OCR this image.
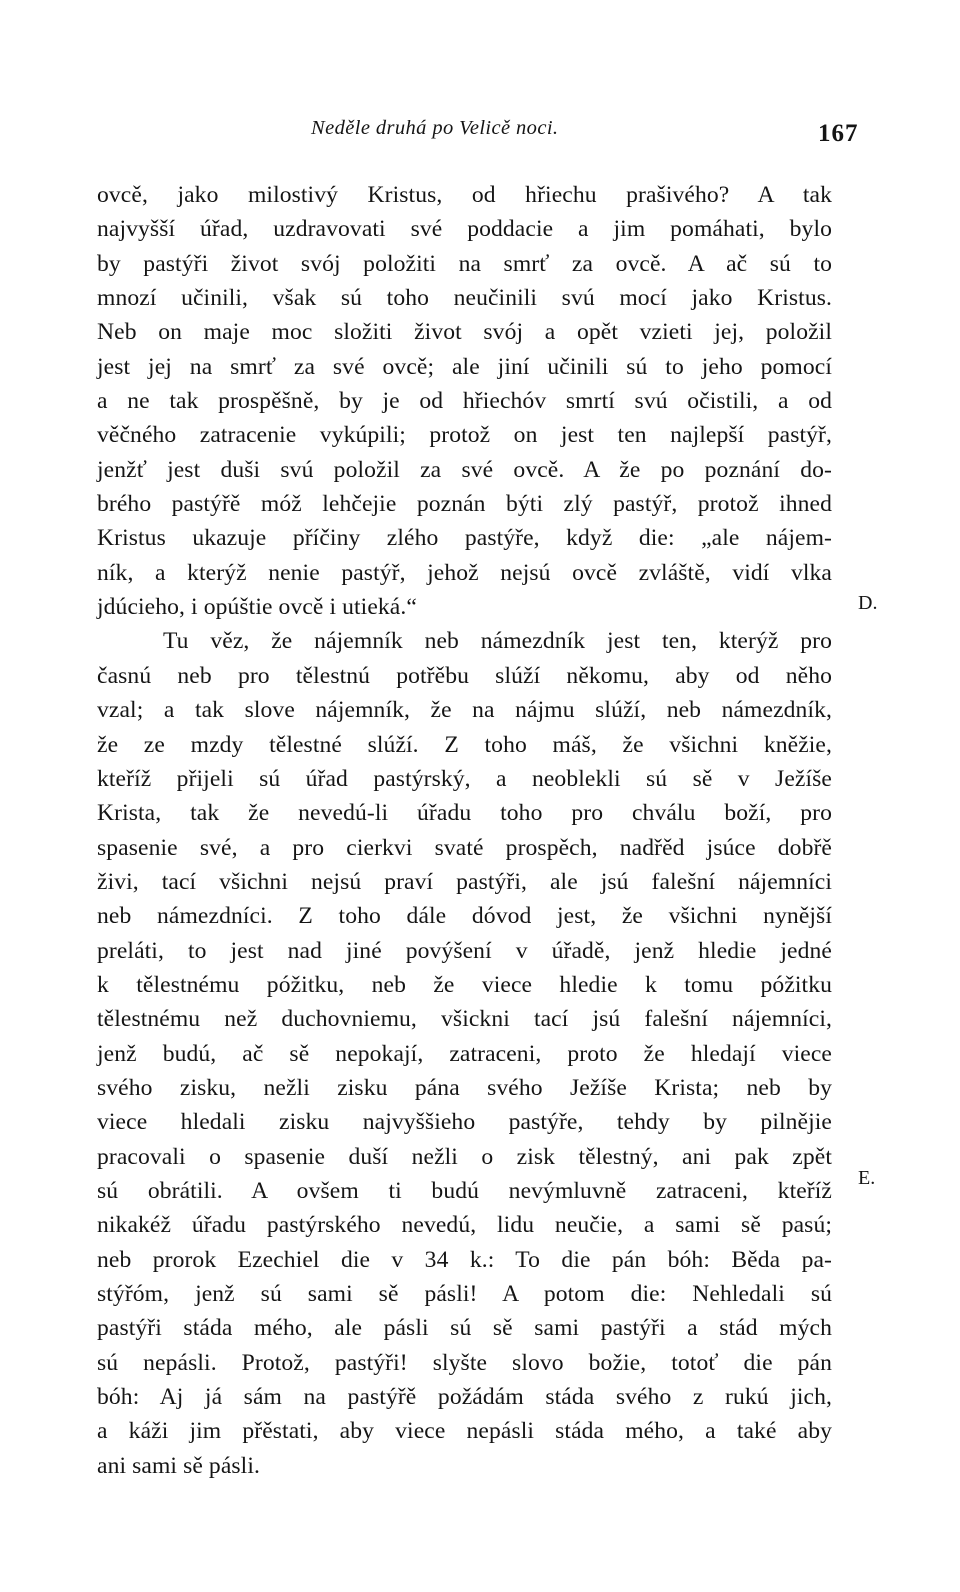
Neděle druhá po Velicě noci.	167
ovcě, jako milostivý Kristus, od hřiechu prašivého? A tak
najvyšší úřad, uzdravovati své poddacie a jim pomáhati, bylo
by pastýři život svój položiti na smrť za ovcě. A ač sú to
mnozí učinili, však sú toho neučinili svú mocí jako Kristus.
Neb on maje moc složiti život svój a opět vzieti jej, položil
jest jej na smrť za své ovcě; ale jiní učinili sú to jeho pomocí
a ne tak prospěšně, by je od hřiechóv smrtí svú očistili, a od
věčného zatracenie vykúpili; protož on jest ten najlepší pastýř,
jenžť jest duši svú položil za své ovcě. A že po poznání do-
brého pastýřě móž lehčejie poznán býti zlý pastýř, protož ihned
Kristus ukazuje příčiny zlého pastýře, když die: „ale nájem-
ník, a kterýž nenie pastýř, jehož nejsú ovcě zvláště, vidí vlka
jdúcieho, i opúštie ovcě i utieká.“
Tu věz, že nájemník neb námezdník jest ten, kterýž pro
časnú neb pro tělestnú potřěbu slúží někomu, aby od něho
vzal; a tak slove nájemník, že na nájmu slúží, neb námezdník,
že ze mzdy tělestné slúží. Z toho máš, že všichni kněžie,
kteříž přijeli sú úřad pastýrský, a neoblekli sú sě v Ježíše
Krista, tak že nevedú-li úřadu toho pro chválu boží, pro
spasenie své, a pro cierkvi svaté prospěch, nadřěd jsúce dobřě
živi, tací všichni nejsú praví pastýři, ale jsú falešní nájemníci
neb námezdníci. Z toho dále dóvod jest, že všichni nynější
preláti, to jest nad jiné povýšení v úřadě, jenž hledie jedné
k tělestnému póžitku, neb že viece hledie k tomu póžitku
tělestnému než duchovniemu, všickni tací jsú falešní nájemníci,
jenž budú, ač sě nepokají, zatraceni, proto že hledají viece
svého zisku, nežli zisku pána svého Ježíše Krista; neb by
viece hledali zisku najvyššieho pastýře, tehdy by pilnějie
pracovali o spasenie duší nežli o zisk tělestný, ani pak zpět
sú obrátili. A ovšem ti budú nevýmluvně zatraceni, kteříž
nikakéž úřadu pastýrského nevedú, lidu neučie, a sami sě pasú;
neb prorok Ezechiel die v 34 k.: To die pán bóh: Běda pa-
stýřóm, jenž sú sami sě pásli! A potom die: Nehledali sú
pastýři stáda mého, ale pásli sú sě sami pastýři a stád mých
sú nepásli. Protož, pastýři! slyšte slovo božie, totoť die pán
bóh: Aj já sám na pastýřě požádám stáda svého z rukú jich,
a káži jim přěstati, aby viece nepásli stáda mého, a také aby
ani sami sě pásli.
D.
E.
